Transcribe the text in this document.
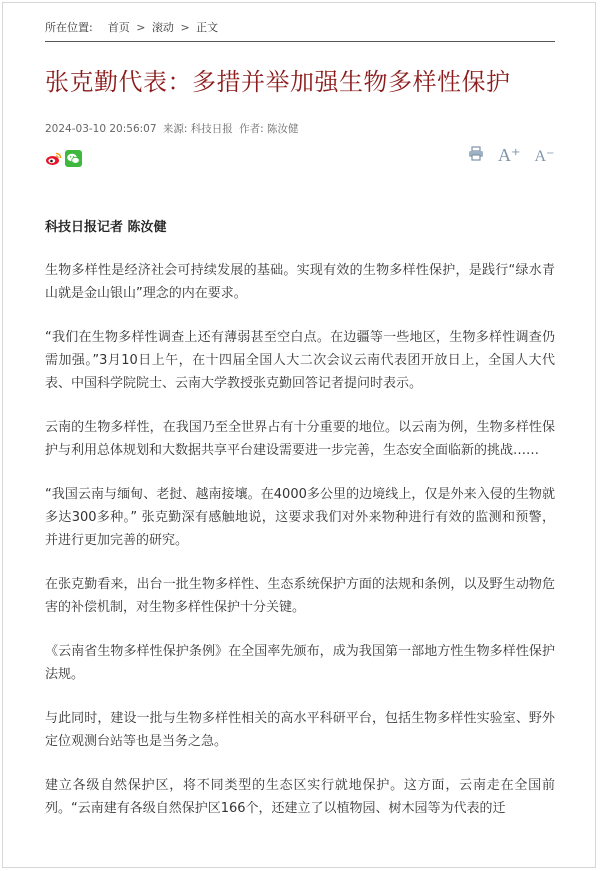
所在位置: 首页 > 滚动 > 正文
张克勤代表：多措并举加强生物多样性保护
2024-03-10 20:56:07 来源: 科技日报 作者: 陈汝健
A⁺ A⁻

科技日报记者 陈汝健

生物多样性是经济社会可持续发展的基础。实现有效的生物多样性保护，是践行“绿水青山就是金山银山”理念的内在要求。

“我们在生物多样性调查上还有薄弱甚至空白点。在边疆等一些地区，生物多样性调查仍需加强。”3月10日上午，在十四届全国人大二次会议云南代表团开放日上，全国人大代表、中国科学院院士、云南大学教授张克勤回答记者提问时表示。

云南的生物多样性，在我国乃至全世界占有十分重要的地位。以云南为例，生物多样性保护与利用总体规划和大数据共享平台建设需要进一步完善，生态安全面临新的挑战……

“我国云南与缅甸、老挝、越南接壤。在4000多公里的边境线上，仅是外来入侵的生物就多达300多种。” 张克勤深有感触地说，这要求我们对外来物种进行有效的监测和预警，并进行更加完善的研究。

在张克勤看来，出台一批生物多样性、生态系统保护方面的法规和条例，以及野生动物危害的补偿机制，对生物多样性保护十分关键。

《云南省生物多样性保护条例》在全国率先颁布，成为我国第一部地方性生物多样性保护法规。

与此同时，建设一批与生物多样性相关的高水平科研平台，包括生物多样性实验室、野外定位观测台站等也是当务之急。

建立各级自然保护区，将不同类型的生态区实行就地保护。这方面，云南走在全国前列。“云南建有各级自然保护区166个，还建立了以植物园、树木园等为代表的迁
